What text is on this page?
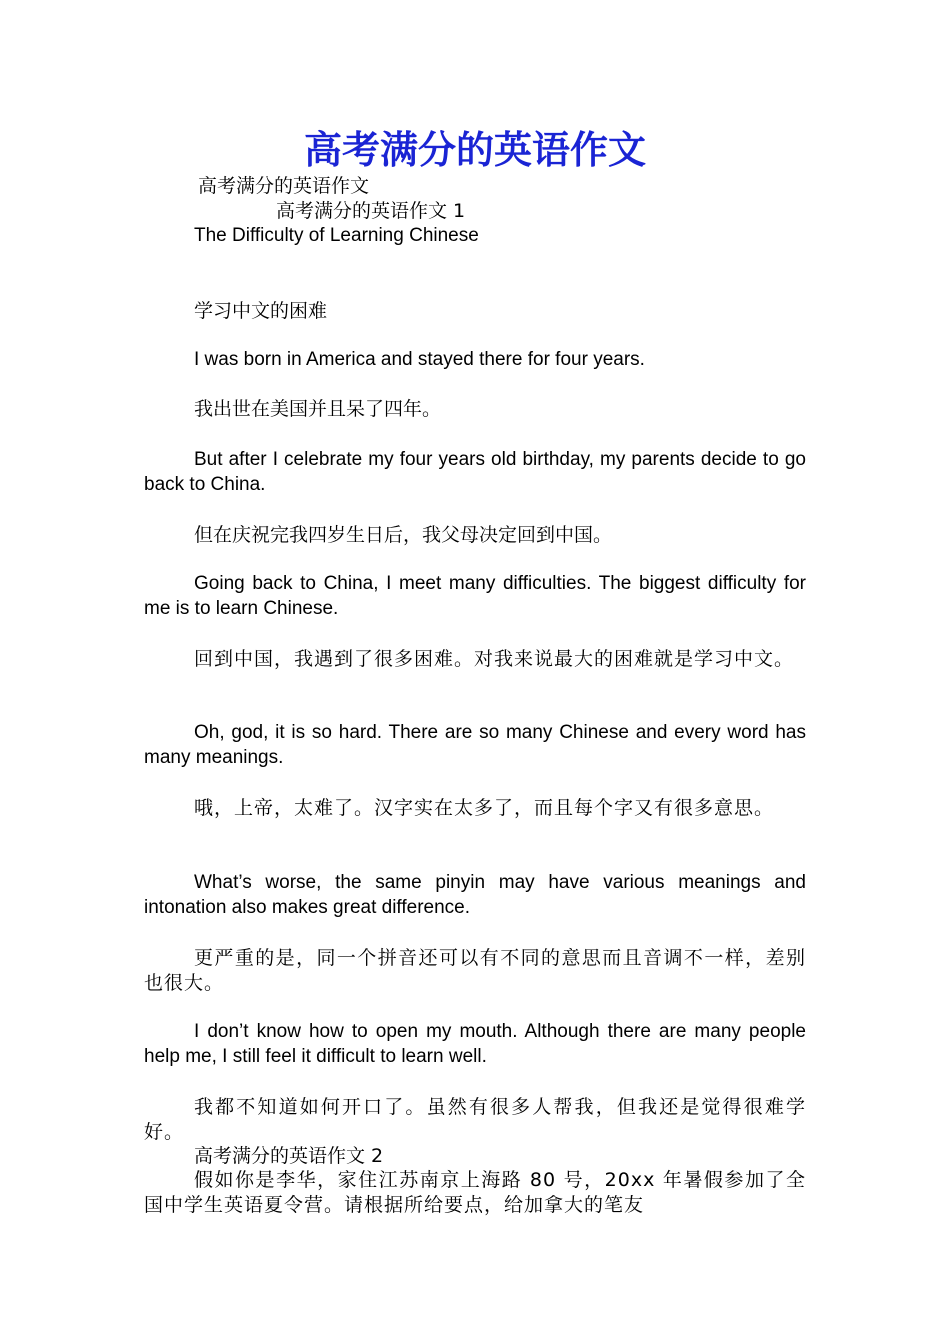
高考满分的英语作文
高考满分的英语作文
高考满分的英语作文 1
The Difficulty of Learning Chinese
学习中文的困难
I was born in America and stayed there for four years.
我出世在美国并且呆了四年。
But after I celebrate my four years old birthday, my parents decide to go back to China.
但在庆祝完我四岁生日后，我父母决定回到中国。
Going back to China, I meet many difficulties. The biggest difficulty for me is to learn Chinese.
回到中国，我遇到了很多困难。对我来说最大的困难就是学习中文。
Oh, god, it is so hard. There are so many Chinese and every word has many meanings.
哦，上帝，太难了。汉字实在太多了，而且每个字又有很多意思。
What’s worse, the same pinyin may have various meanings and intonation also makes great difference.
更严重的是，同一个拼音还可以有不同的意思而且音调不一样，差别也很大。
I don’t know how to open my mouth. Although there are many people help me, I still feel it difficult to learn well.
我都不知道如何开口了。虽然有很多人帮我，但我还是觉得很难学好。
高考满分的英语作文 2
假如你是李华，家住江苏南京上海路 80 号，20xx 年暑假参加了全国中学生英语夏令营。请根据所给要点，给加拿大的笔友
